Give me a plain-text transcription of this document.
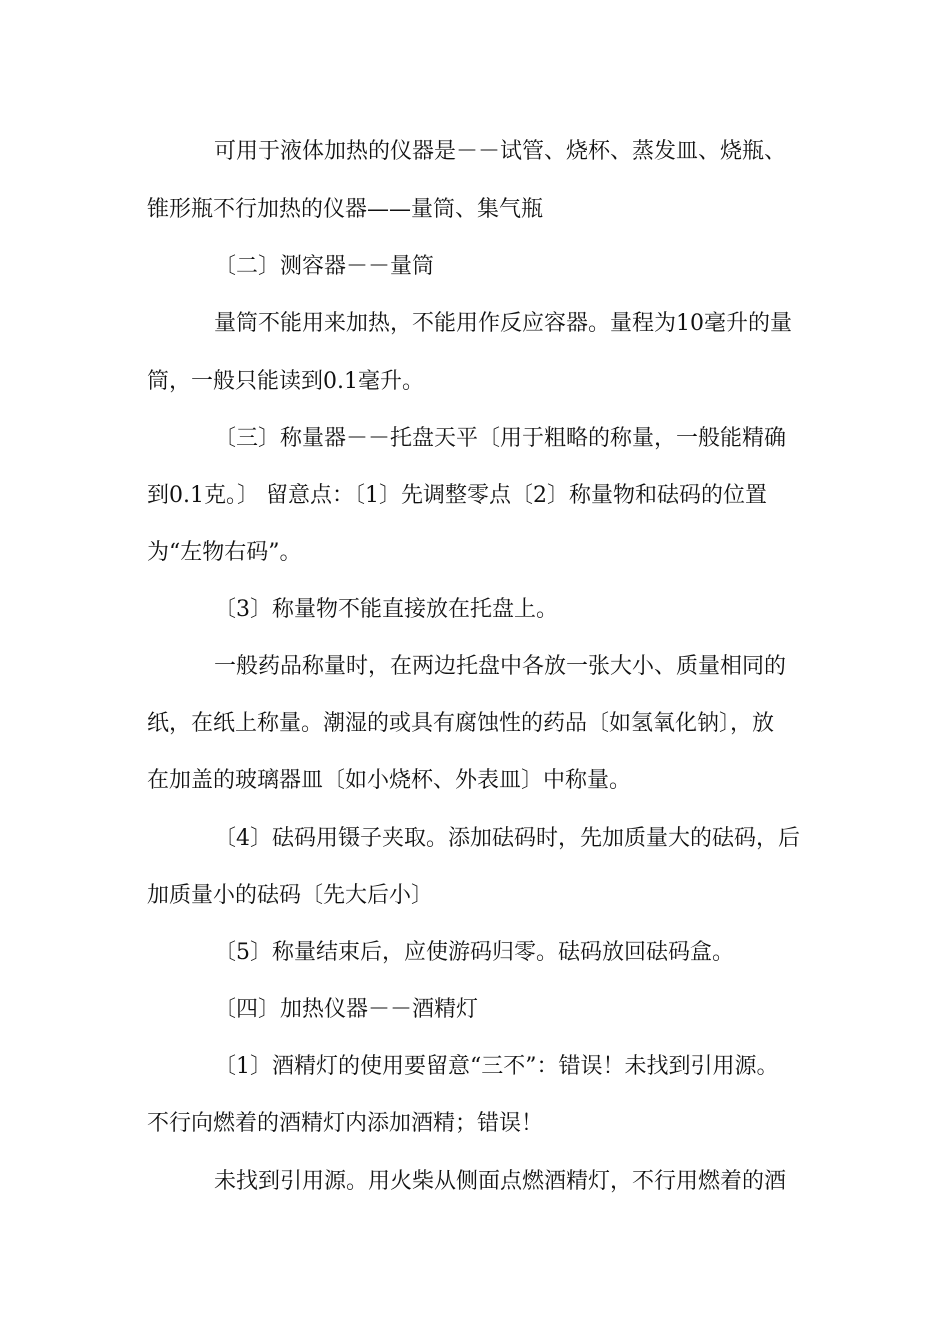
可用于液体加热的仪器是－－试管、烧杯、蒸发皿、烧瓶、
锥形瓶不行加热的仪器——量筒、集气瓶
〔二〕测容器－－量筒
量筒不能用来加热，不能用作反应容器。量程为10毫升的量
筒，一般只能读到0.1毫升。
〔三〕称量器－－托盘天平〔用于粗略的称量，一般能精确
到0.1克。〕 留意点：〔1〕先调整零点〔2〕称量物和砝码的位置
为“左物右码”。
〔3〕称量物不能直接放在托盘上。
一般药品称量时，在两边托盘中各放一张大小、质量相同的
纸，在纸上称量。潮湿的或具有腐蚀性的药品〔如氢氧化钠〕，放
在加盖的玻璃器皿〔如小烧杯、外表皿〕中称量。
〔4〕砝码用镊子夹取。添加砝码时，先加质量大的砝码，后
加质量小的砝码〔先大后小〕
〔5〕称量结束后，应使游码归零。砝码放回砝码盒。
〔四〕加热仪器－－酒精灯
〔1〕酒精灯的使用要留意“三不”：错误！未找到引用源。
不行向燃着的酒精灯内添加酒精；错误！
未找到引用源。用火柴从侧面点燃酒精灯，不行用燃着的酒
